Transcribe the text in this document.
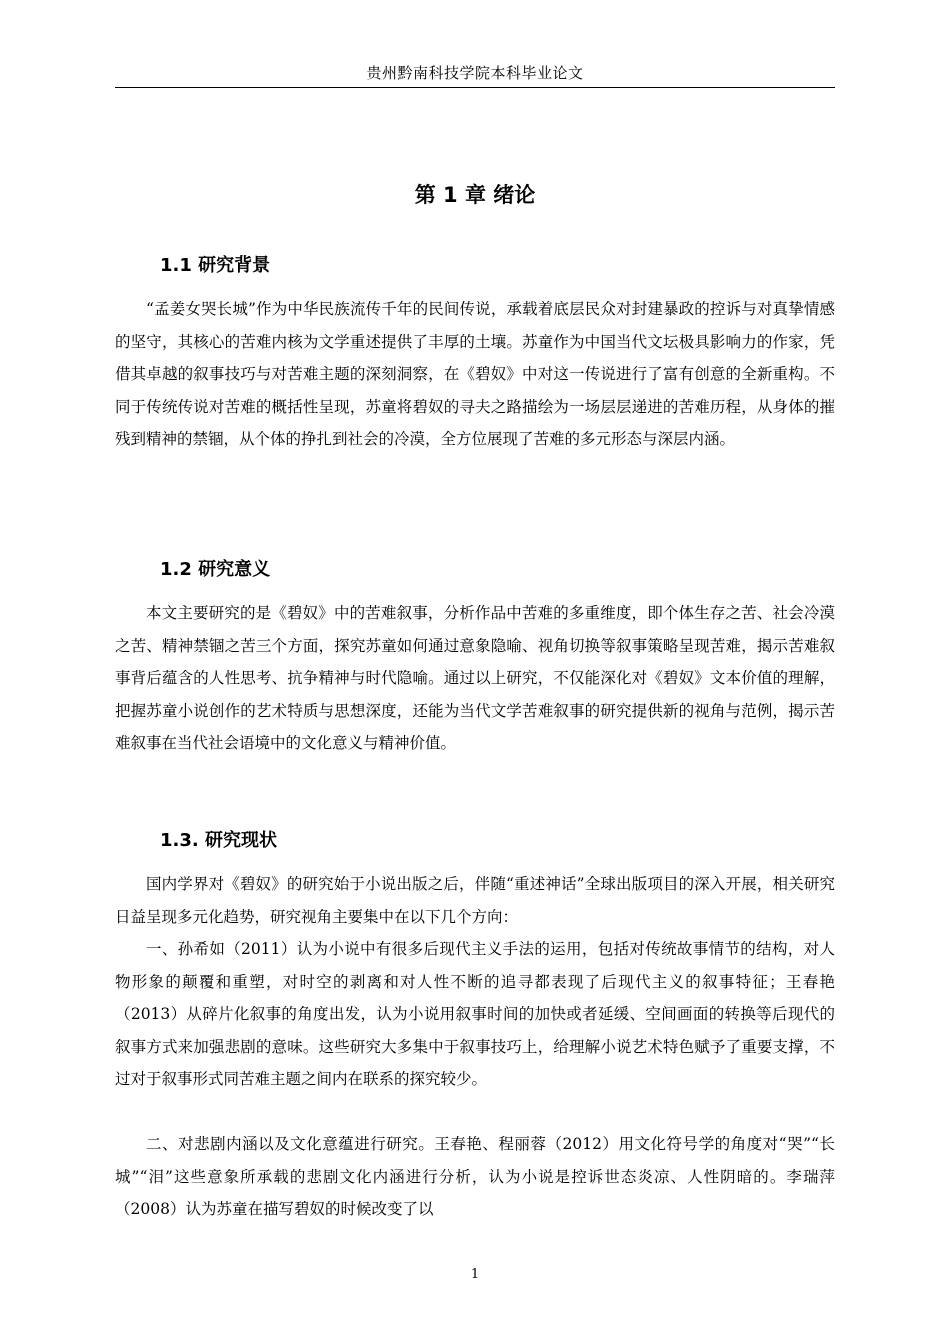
贵州黔南科技学院本科毕业论文
第 1 章 绪论
1.1 研究背景

“孟姜女哭长城”作为中华民族流传千年的民间传说，承载着底层民众对封建暴政的控诉与对真挚情感的坚守，其核心的苦难内核为文学重述提供了丰厚的土壤。苏童作为中国当代文坛极具影响力的作家，凭借其卓越的叙事技巧与对苦难主题的深刻洞察，在《碧奴》中对这一传说进行了富有创意的全新重构。不同于传统传说对苦难的概括性呈现，苏童将碧奴的寻夫之路描绘为一场层层递进的苦难历程，从身体的摧残到精神的禁锢，从个体的挣扎到社会的冷漠，全方位展现了苦难的多元形态与深层内涵。

1.2 研究意义

本文主要研究的是《碧奴》中的苦难叙事，分析作品中苦难的多重维度，即个体生存之苦、社会冷漠之苦、精神禁锢之苦三个方面，探究苏童如何通过意象隐喻、视角切换等叙事策略呈现苦难，揭示苦难叙事背后蕴含的人性思考、抗争精神与时代隐喻。通过以上研究，不仅能深化对《碧奴》文本价值的理解，把握苏童小说创作的艺术特质与思想深度，还能为当代文学苦难叙事的研究提供新的视角与范例，揭示苦难叙事在当代社会语境中的文化意义与精神价值。

1.3. 研究现状

国内学界对《碧奴》的研究始于小说出版之后，伴随“重述神话”全球出版项目的深入开展，相关研究日益呈现多元化趋势，研究视角主要集中在以下几个方向：

一、孙希如（2011）认为小说中有很多后现代主义手法的运用，包括对传统故事情节的结构，对人物形象的颠覆和重塑，对时空的剥离和对人性不断的追寻都表现了后现代主义的叙事特征；王春艳（2013）从碎片化叙事的角度出发，认为小说用叙事时间的加快或者延缓、空间画面的转换等后现代的叙事方式来加强悲剧的意味。这些研究大多集中于叙事技巧上，给理解小说艺术特色赋予了重要支撑，不过对于叙事形式同苦难主题之间内在联系的探究较少。

二、对悲剧内涵以及文化意蕴进行研究。王春艳、程丽蓉（2012）用文化符号学的角度对“哭”“长城”“泪”这些意象所承载的悲剧文化内涵进行分析，认为小说是控诉世态炎凉、人性阴暗的。李瑞萍（2008）认为苏童在描写碧奴的时候改变了以

1
